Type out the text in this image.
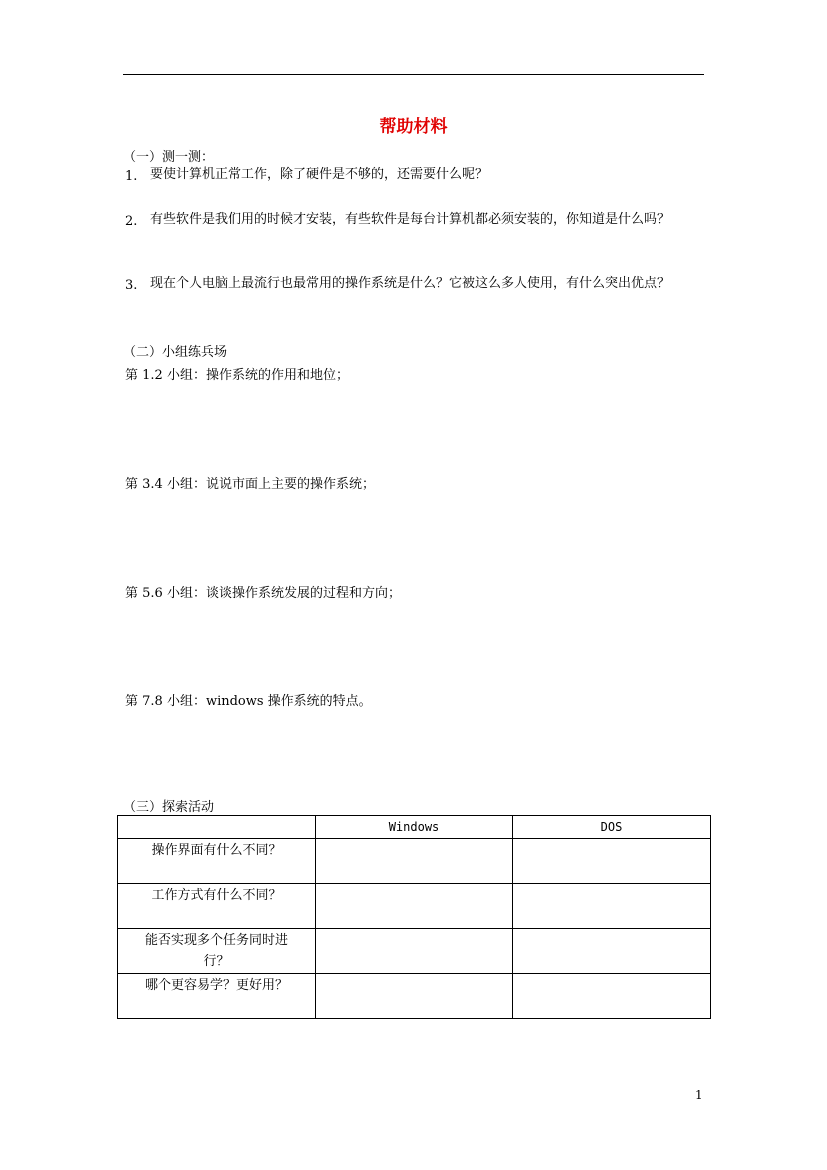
帮助材料
（一）测一测：
1. 要使计算机正常工作，除了硬件是不够的，还需要什么呢？
2. 有些软件是我们用的时候才安装，有些软件是每台计算机都必须安装的，你知道是什么吗？
3. 现在个人电脑上最流行也最常用的操作系统是什么？它被这么多人使用，有什么突出优点？
（二）小组练兵场
第 1.2 小组：操作系统的作用和地位；
第 3.4 小组：说说市面上主要的操作系统；
第 5.6 小组：谈谈操作系统发展的过程和方向；
第 7.8 小组：windows 操作系统的特点。
（三）探索活动
	Windows	DOS
操作界面有什么不同？		
工作方式有什么不同？		
能否实现多个任务同时进行？		
哪个更容易学？更好用？		
1
